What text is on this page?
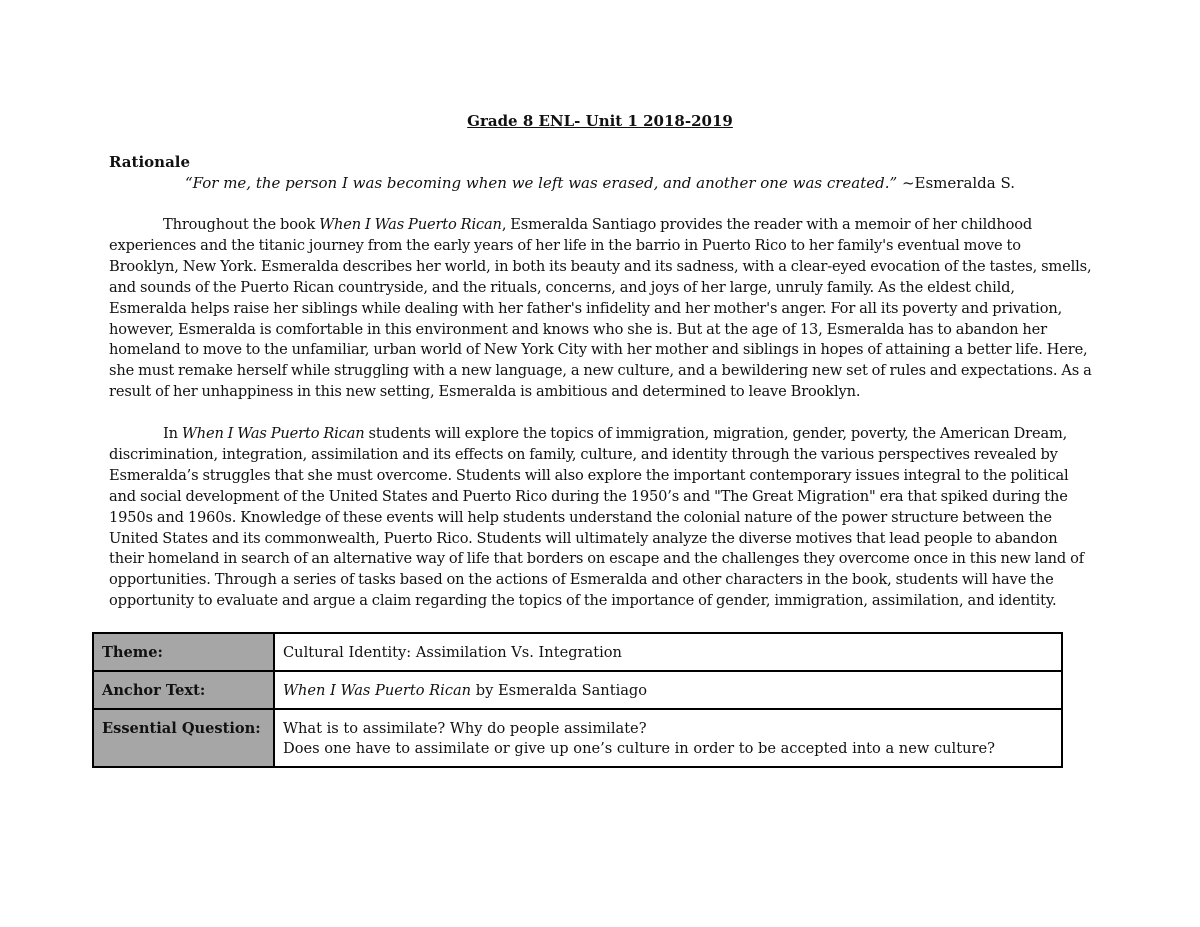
Grade 8 ENL- Unit 1 2018-2019
Rationale
“For me, the person I was becoming when we left was erased, and another one was created.” ~Esmeralda S.

Throughout the book When I Was Puerto Rican, Esmeralda Santiago provides the reader with a memoir of her childhood experiences and the titanic journey from the early years of her life in the barrio in Puerto Rico to her family's eventual move to Brooklyn, New York. Esmeralda describes her world, in both its beauty and its sadness, with a clear-eyed evocation of the tastes, smells, and sounds of the Puerto Rican countryside, and the rituals, concerns, and joys of her large, unruly family. As the eldest child, Esmeralda helps raise her siblings while dealing with her father's infidelity and her mother's anger. For all its poverty and privation, however, Esmeralda is comfortable in this environment and knows who she is. But at the age of 13, Esmeralda has to abandon her homeland to move to the unfamiliar, urban world of New York City with her mother and siblings in hopes of attaining a better life. Here, she must remake herself while struggling with a new language, a new culture, and a bewildering new set of rules and expectations. As a result of her unhappiness in this new setting, Esmeralda is ambitious and determined to leave Brooklyn.

In When I Was Puerto Rican students will explore the topics of immigration, migration, gender, poverty, the American Dream, discrimination, integration, assimilation and its effects on family, culture, and identity through the various perspectives revealed by Esmeralda’s struggles that she must overcome. Students will also explore the important contemporary issues integral to the political and social development of the United States and Puerto Rico during the 1950’s and "The Great Migration" era that spiked during the 1950s and 1960s. Knowledge of these events will help students understand the colonial nature of the power structure between the United States and its commonwealth, Puerto Rico. Students will ultimately analyze the diverse motives that lead people to abandon their homeland in search of an alternative way of life that borders on escape and the challenges they overcome once in this new land of opportunities. Through a series of tasks based on the actions of Esmeralda and other characters in the book, students will have the opportunity to evaluate and argue a claim regarding the topics of the importance of gender, immigration, assimilation, and identity.

Theme:	Cultural Identity: Assimilation Vs. Integration
Anchor Text:	When I Was Puerto Rican by Esmeralda Santiago
Essential Question:	What is to assimilate? Why do people assimilate?
Does one have to assimilate or give up one’s culture in order to be accepted into a new culture?
